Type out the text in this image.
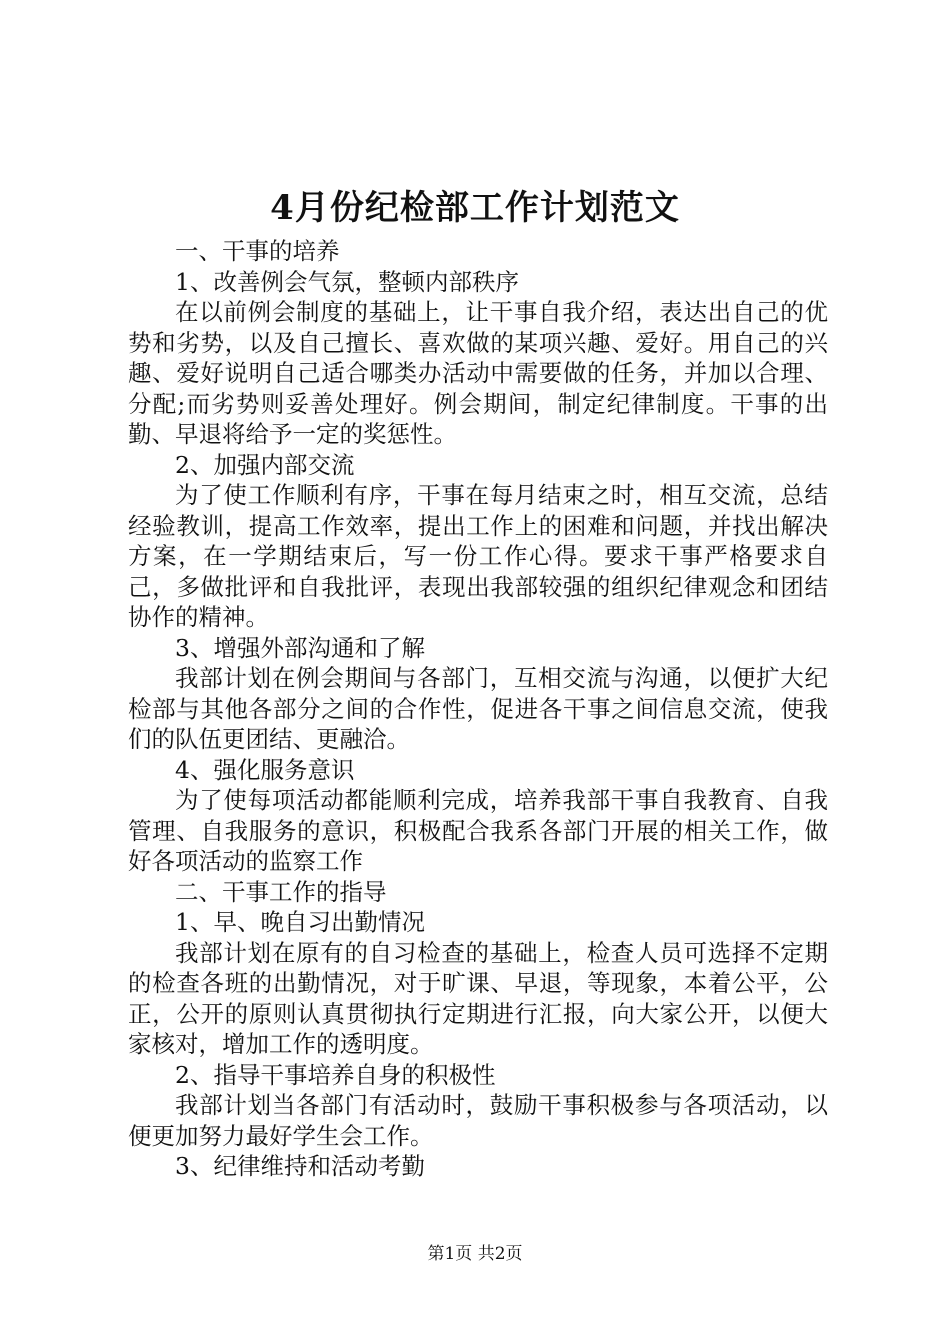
4月份纪检部工作计划范文

一、干事的培养

1、改善例会气氛，整顿内部秩序

在以前例会制度的基础上，让干事自我介绍，表达出自己的优势和劣势，以及自己擅长、喜欢做的某项兴趣、爱好。用自己的兴趣、爱好说明自己适合哪类办活动中需要做的任务，并加以合理、分配;而劣势则妥善处理好。例会期间，制定纪律制度。干事的出勤、早退将给予一定的奖惩性。

2、加强内部交流

为了使工作顺利有序，干事在每月结束之时，相互交流，总结经验教训，提高工作效率，提出工作上的困难和问题，并找出解决方案，在一学期结束后，写一份工作心得。要求干事严格要求自己，多做批评和自我批评，表现出我部较强的组织纪律观念和团结协作的精神。

3、增强外部沟通和了解

我部计划在例会期间与各部门，互相交流与沟通，以便扩大纪检部与其他各部分之间的合作性，促进各干事之间信息交流，使我们的队伍更团结、更融洽。

4、强化服务意识

为了使每项活动都能顺利完成，培养我部干事自我教育、自我管理、自我服务的意识，积极配合我系各部门开展的相关工作，做好各项活动的监察工作

二、干事工作的指导

1、早、晚自习出勤情况

我部计划在原有的自习检查的基础上，检查人员可选择不定期的检查各班的出勤情况，对于旷课、早退，等现象，本着公平，公正，公开的原则认真贯彻执行定期进行汇报，向大家公开，以便大家核对，增加工作的透明度。

2、指导干事培养自身的积极性

我部计划当各部门有活动时，鼓励干事积极参与各项活动，以便更加努力最好学生会工作。

3、纪律维持和活动考勤

第1页 共2页
